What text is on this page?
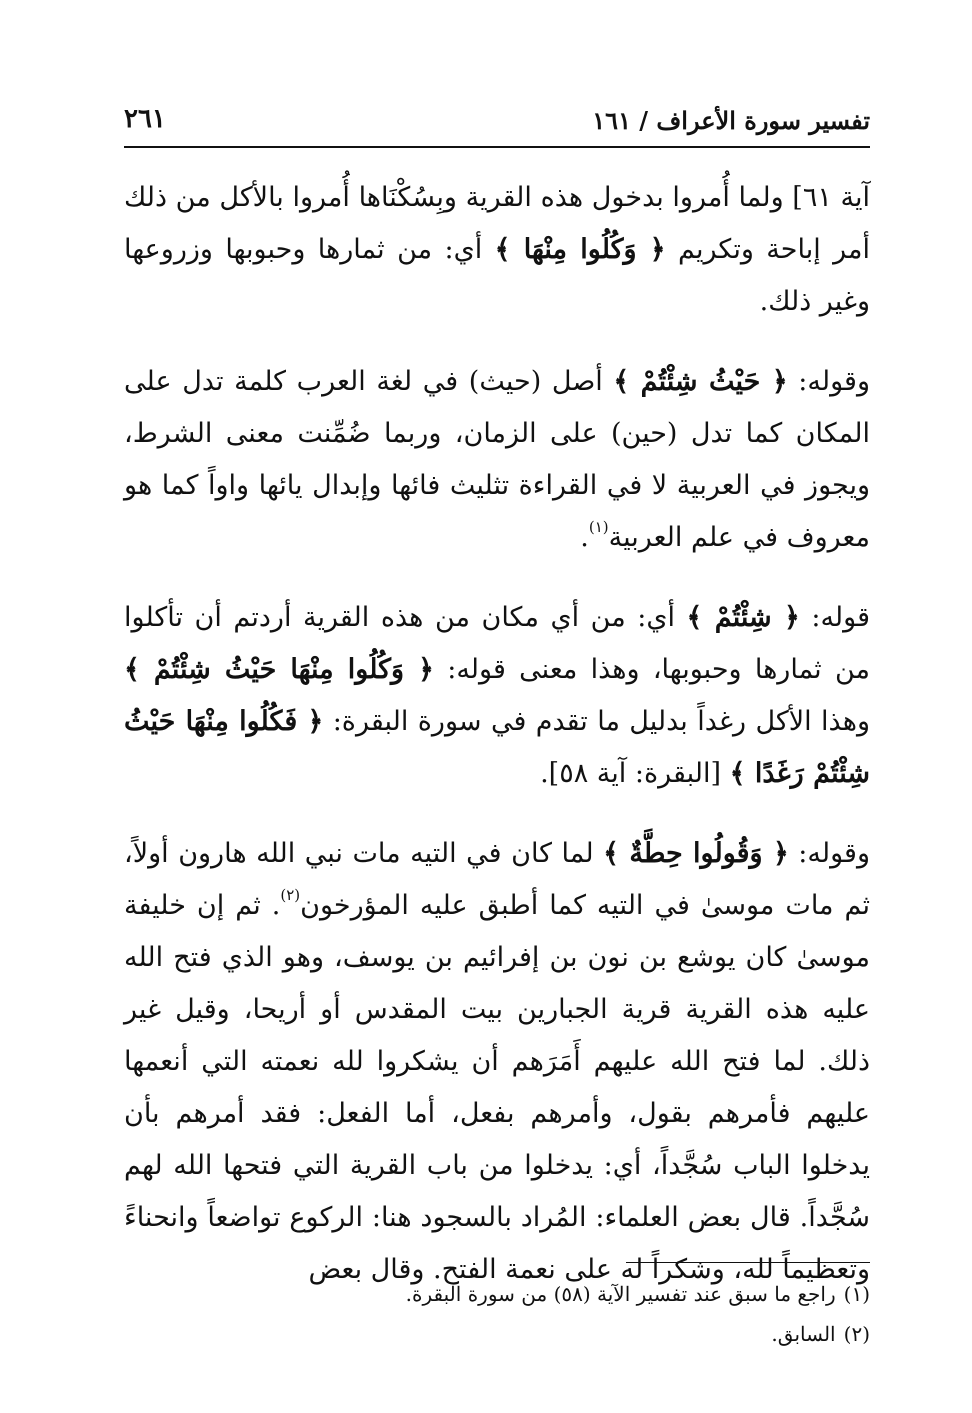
تفسير سورة الأعراف / ١٦١
٢٦١

آية ٦١] ولما أُمروا بدخول هذه القرية وبِسُكْنَاها أُمروا بالأكل من ذلك أمر إباحة وتكريم ﴿ وَكُلُوا مِنْهَا ﴾ أي: من ثمارها وحبوبها وزروعها وغير ذلك.

وقوله: ﴿ حَيْثُ شِئْتُمْ ﴾ أصل (حيث) في لغة العرب كلمة تدل على المكان كما تدل (حين) على الزمان، وربما ضُمِّنت معنى الشرط، ويجوز في العربية لا في القراءة تثليث فائها وإبدال يائها واواً كما هو معروف في علم العربية$^{(١)}$.

قوله: ﴿ شِئْتُمْ ﴾ أي: من أي مكان من هذه القرية أردتم أن تأكلوا من ثمارها وحبوبها، وهذا معنى قوله: ﴿ وَكُلُوا مِنْهَا حَيْثُ شِئْتُمْ ﴾ وهذا الأكل رغداً بدليل ما تقدم في سورة البقرة: ﴿ فَكُلُوا مِنْهَا حَيْثُ شِئْتُمْ رَغَدًا ﴾ [البقرة: آية ٥٨].

وقوله: ﴿ وَقُولُوا حِطَّةٌ ﴾ لما كان في التيه مات نبي الله هارون أولاً، ثم مات موسىٰ في التيه كما أطبق عليه المؤرخون$^{(٢)}$. ثم إن خليفة موسىٰ كان يوشع بن نون بن إفرائيم بن يوسف، وهو الذي فتح الله عليه هذه القرية قرية الجبارين بيت المقدس أو أريحا، وقيل غير ذلك. لما فتح الله عليهم أَمَرَهم أن يشكروا لله نعمته التي أنعمها عليهم فأمرهم بقول، وأمرهم بفعل، أما الفعل: فقد أمرهم بأن يدخلوا الباب سُجَّداً، أي: يدخلوا من باب القرية التي فتحها الله لهم سُجَّداً. قال بعض العلماء: المُراد بالسجود هنا: الركوع تواضعاً وانحناءً وتعظيماً لله، وشكراً له على نعمة الفتح. وقال بعض

(١)راجع ما سبق عند تفسير الآية (٥٨) من سورة البقرة.

(٢)السابق.
